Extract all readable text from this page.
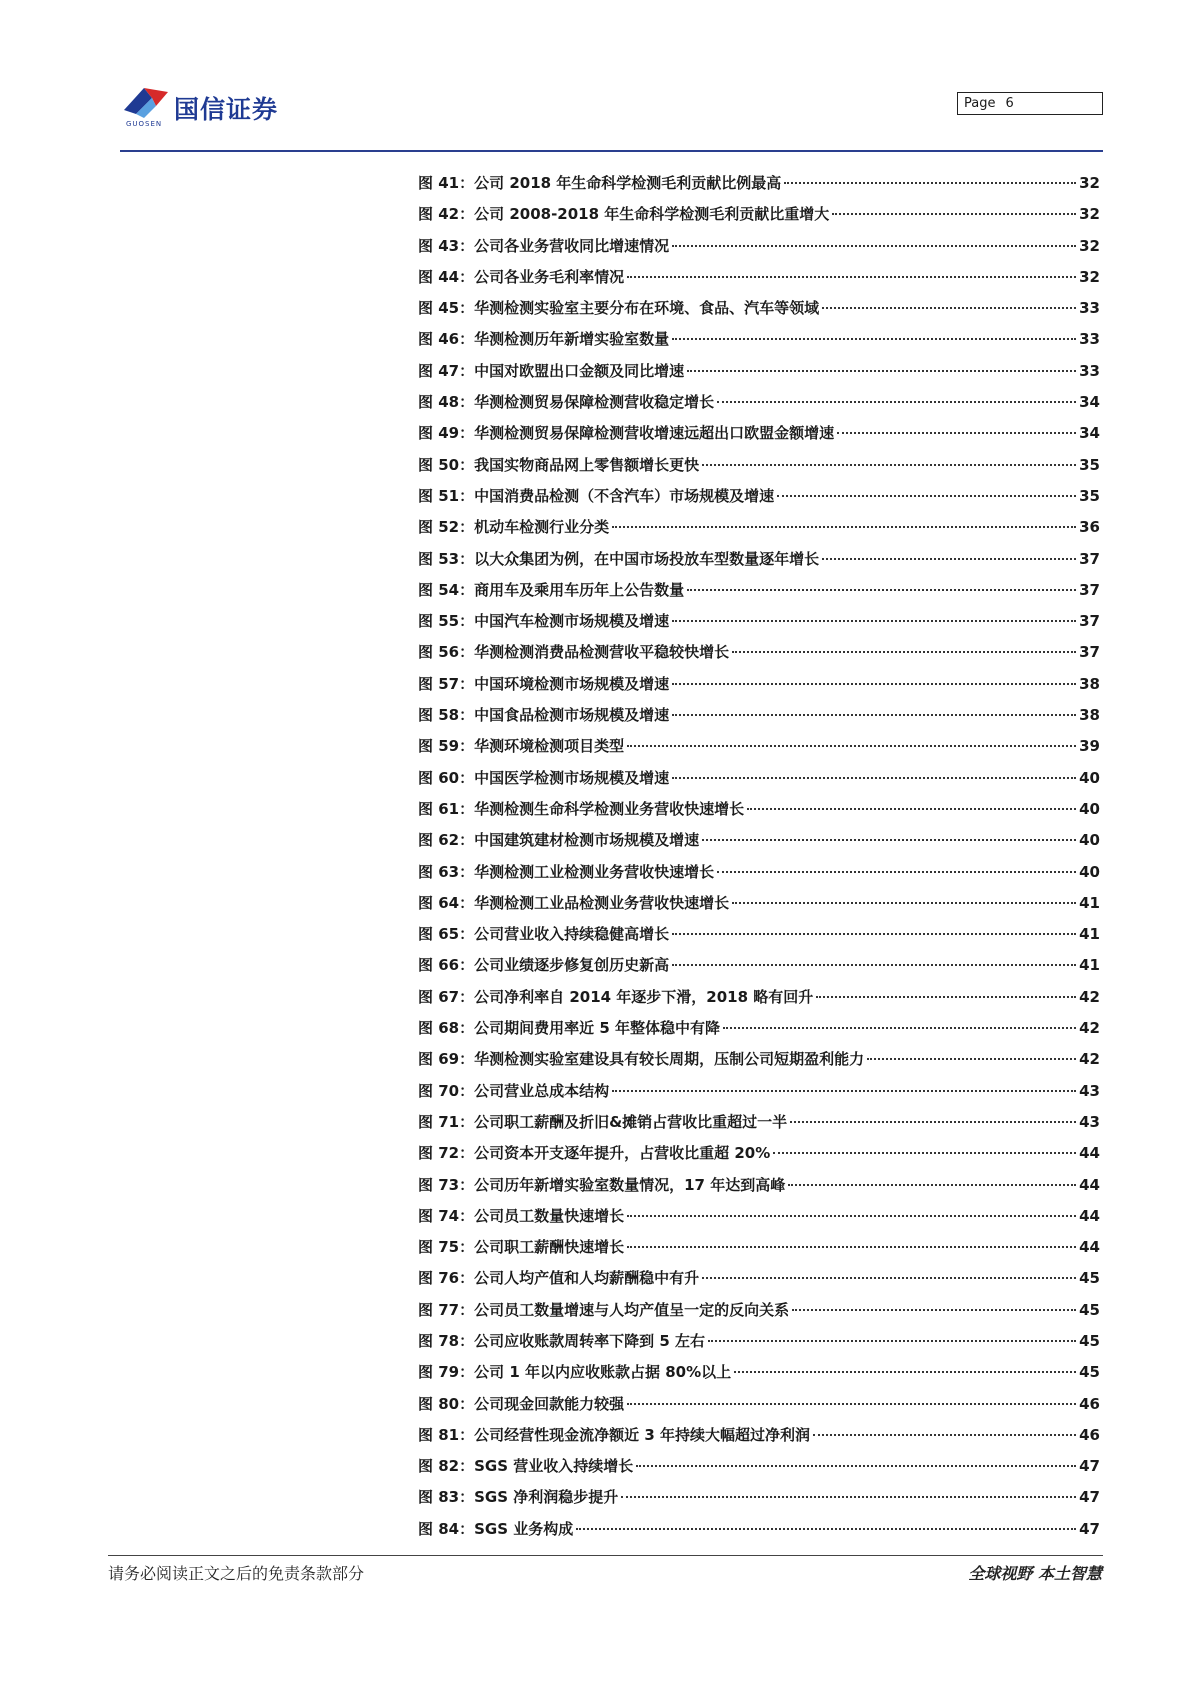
国信证券
GUOSEN
Page 6
图 41：公司 2018 年生命科学检测毛利贡献比例最高	32
图 42：公司 2008-2018 年生命科学检测毛利贡献比重增大	32
图 43：公司各业务营收同比增速情况	32
图 44：公司各业务毛利率情况	32
图 45：华测检测实验室主要分布在环境、食品、汽车等领域	33
图 46：华测检测历年新增实验室数量	33
图 47：中国对欧盟出口金额及同比增速	33
图 48：华测检测贸易保障检测营收稳定增长	34
图 49：华测检测贸易保障检测营收增速远超出口欧盟金额增速	34
图 50：我国实物商品网上零售额增长更快	35
图 51：中国消费品检测（不含汽车）市场规模及增速	35
图 52：机动车检测行业分类	36
图 53：以大众集团为例，在中国市场投放车型数量逐年增长	37
图 54：商用车及乘用车历年上公告数量	37
图 55：中国汽车检测市场规模及增速	37
图 56：华测检测消费品检测营收平稳较快增长	37
图 57：中国环境检测市场规模及增速	38
图 58：中国食品检测市场规模及增速	38
图 59：华测环境检测项目类型	39
图 60：中国医学检测市场规模及增速	40
图 61：华测检测生命科学检测业务营收快速增长	40
图 62：中国建筑建材检测市场规模及增速	40
图 63：华测检测工业检测业务营收快速增长	40
图 64：华测检测工业品检测业务营收快速增长	41
图 65：公司营业收入持续稳健高增长	41
图 66：公司业绩逐步修复创历史新高	41
图 67：公司净利率自 2014 年逐步下滑，2018 略有回升	42
图 68：公司期间费用率近 5 年整体稳中有降	42
图 69：华测检测实验室建设具有较长周期，压制公司短期盈利能力	42
图 70：公司营业总成本结构	43
图 71：公司职工薪酬及折旧&摊销占营收比重超过一半	43
图 72：公司资本开支逐年提升，占营收比重超 20%	44
图 73：公司历年新增实验室数量情况，17 年达到高峰	44
图 74：公司员工数量快速增长	44
图 75：公司职工薪酬快速增长	44
图 76：公司人均产值和人均薪酬稳中有升	45
图 77：公司员工数量增速与人均产值呈一定的反向关系	45
图 78：公司应收账款周转率下降到 5 左右	45
图 79：公司 1 年以内应收账款占据 80%以上	45
图 80：公司现金回款能力较强	46
图 81：公司经营性现金流净额近 3 年持续大幅超过净利润	46
图 82：SGS 营业收入持续增长	47
图 83：SGS 净利润稳步提升	47
图 84：SGS 业务构成	47
请务必阅读正文之后的免责条款部分	全球视野 本土智慧
